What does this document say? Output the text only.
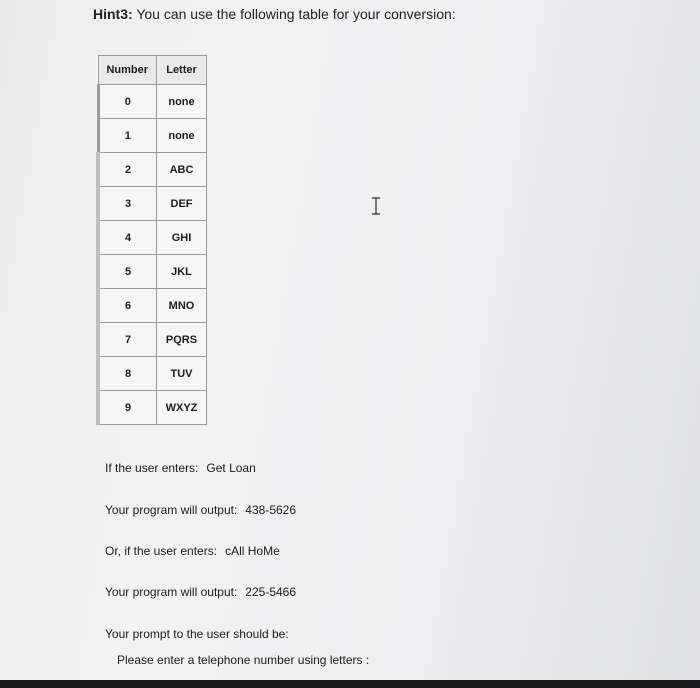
Hint3: You can use the following table for your conversion:
Number	Letter
0	none
1	none
2	ABC
3	DEF
4	GHI
5	JKL
6	MNO
7	PQRS
8	TUV
9	WXYZ
If the user enters: Get Loan
Your program will output: 438-5626
Or, if the user enters: cAll HoMe
Your program will output: 225-5466
Your prompt to the user should be:
Please enter a telephone number using letters :
